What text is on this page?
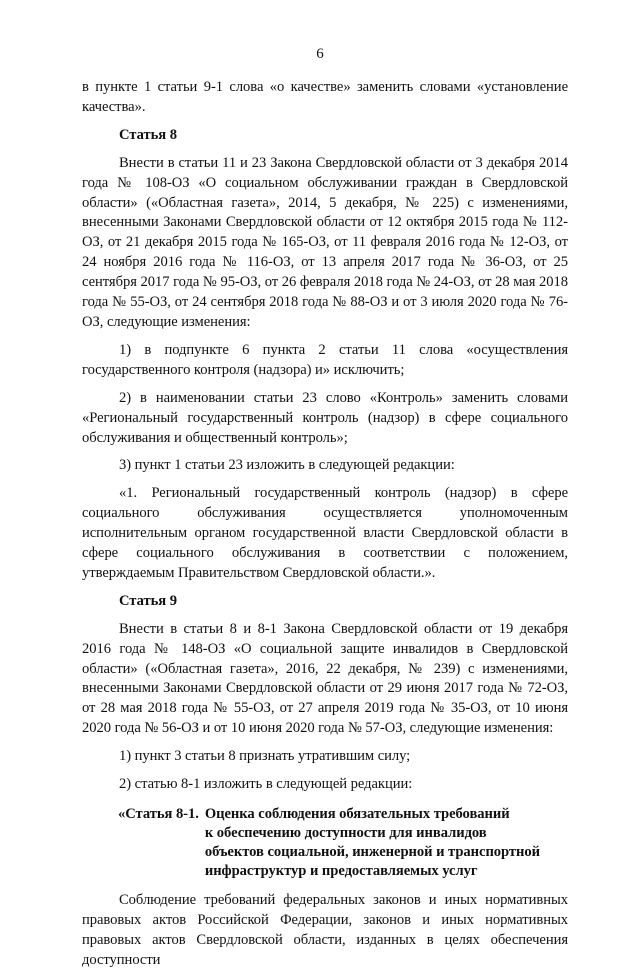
6

в пункте 1 статьи 9-1 слова «о качестве» заменить словами «установление качества».

Статья 8

Внести в статьи 11 и 23 Закона Свердловской области от 3 декабря 2014 года № 108-ОЗ «О социальном обслуживании граждан в Свердловской области» («Областная газета», 2014, 5 декабря, № 225) с изменениями, внесенными Законами Свердловской области от 12 октября 2015 года № 112-ОЗ, от 21 декабря 2015 года № 165-ОЗ, от 11 февраля 2016 года № 12-ОЗ, от 24 ноября 2016 года № 116-ОЗ, от 13 апреля 2017 года № 36-ОЗ, от 25 сентября 2017 года № 95-ОЗ, от 26 февраля 2018 года № 24-ОЗ, от 28 мая 2018 года № 55-ОЗ, от 24 сентября 2018 года № 88-ОЗ и от 3 июля 2020 года № 76-ОЗ, следующие изменения:

1) в подпункте 6 пункта 2 статьи 11 слова «осуществления государственного контроля (надзора) и» исключить;

2) в наименовании статьи 23 слово «Контроль» заменить словами «Региональный государственный контроль (надзор) в сфере социального обслуживания и общественный контроль»;

3) пункт 1 статьи 23 изложить в следующей редакции:

«1. Региональный государственный контроль (надзор) в сфере социального обслуживания осуществляется уполномоченным исполнительным органом государственной власти Свердловской области в сфере социального обслуживания в соответствии с положением, утверждаемым Правительством Свердловской области.».

Статья 9

Внести в статьи 8 и 8-1 Закона Свердловской области от 19 декабря 2016 года № 148-ОЗ «О социальной защите инвалидов в Свердловской области» («Областная газета», 2016, 22 декабря, № 239) с изменениями, внесенными Законами Свердловской области от 29 июня 2017 года № 72-ОЗ, от 28 мая 2018 года № 55-ОЗ, от 27 апреля 2019 года № 35-ОЗ, от 10 июня 2020 года № 56-ОЗ и от 10 июня 2020 года № 57-ОЗ, следующие изменения:

1) пункт 3 статьи 8 признать утратившим силу;

2) статью 8-1 изложить в следующей редакции:

«Статья 8-1. Оценка соблюдения обязательных требований
к обеспечению доступности для инвалидов
объектов социальной, инженерной и транспортной
инфраструктур и предоставляемых услуг

Соблюдение требований федеральных законов и иных нормативных правовых актов Российской Федерации, законов и иных нормативных правовых актов Свердловской области, изданных в целях обеспечения доступности
